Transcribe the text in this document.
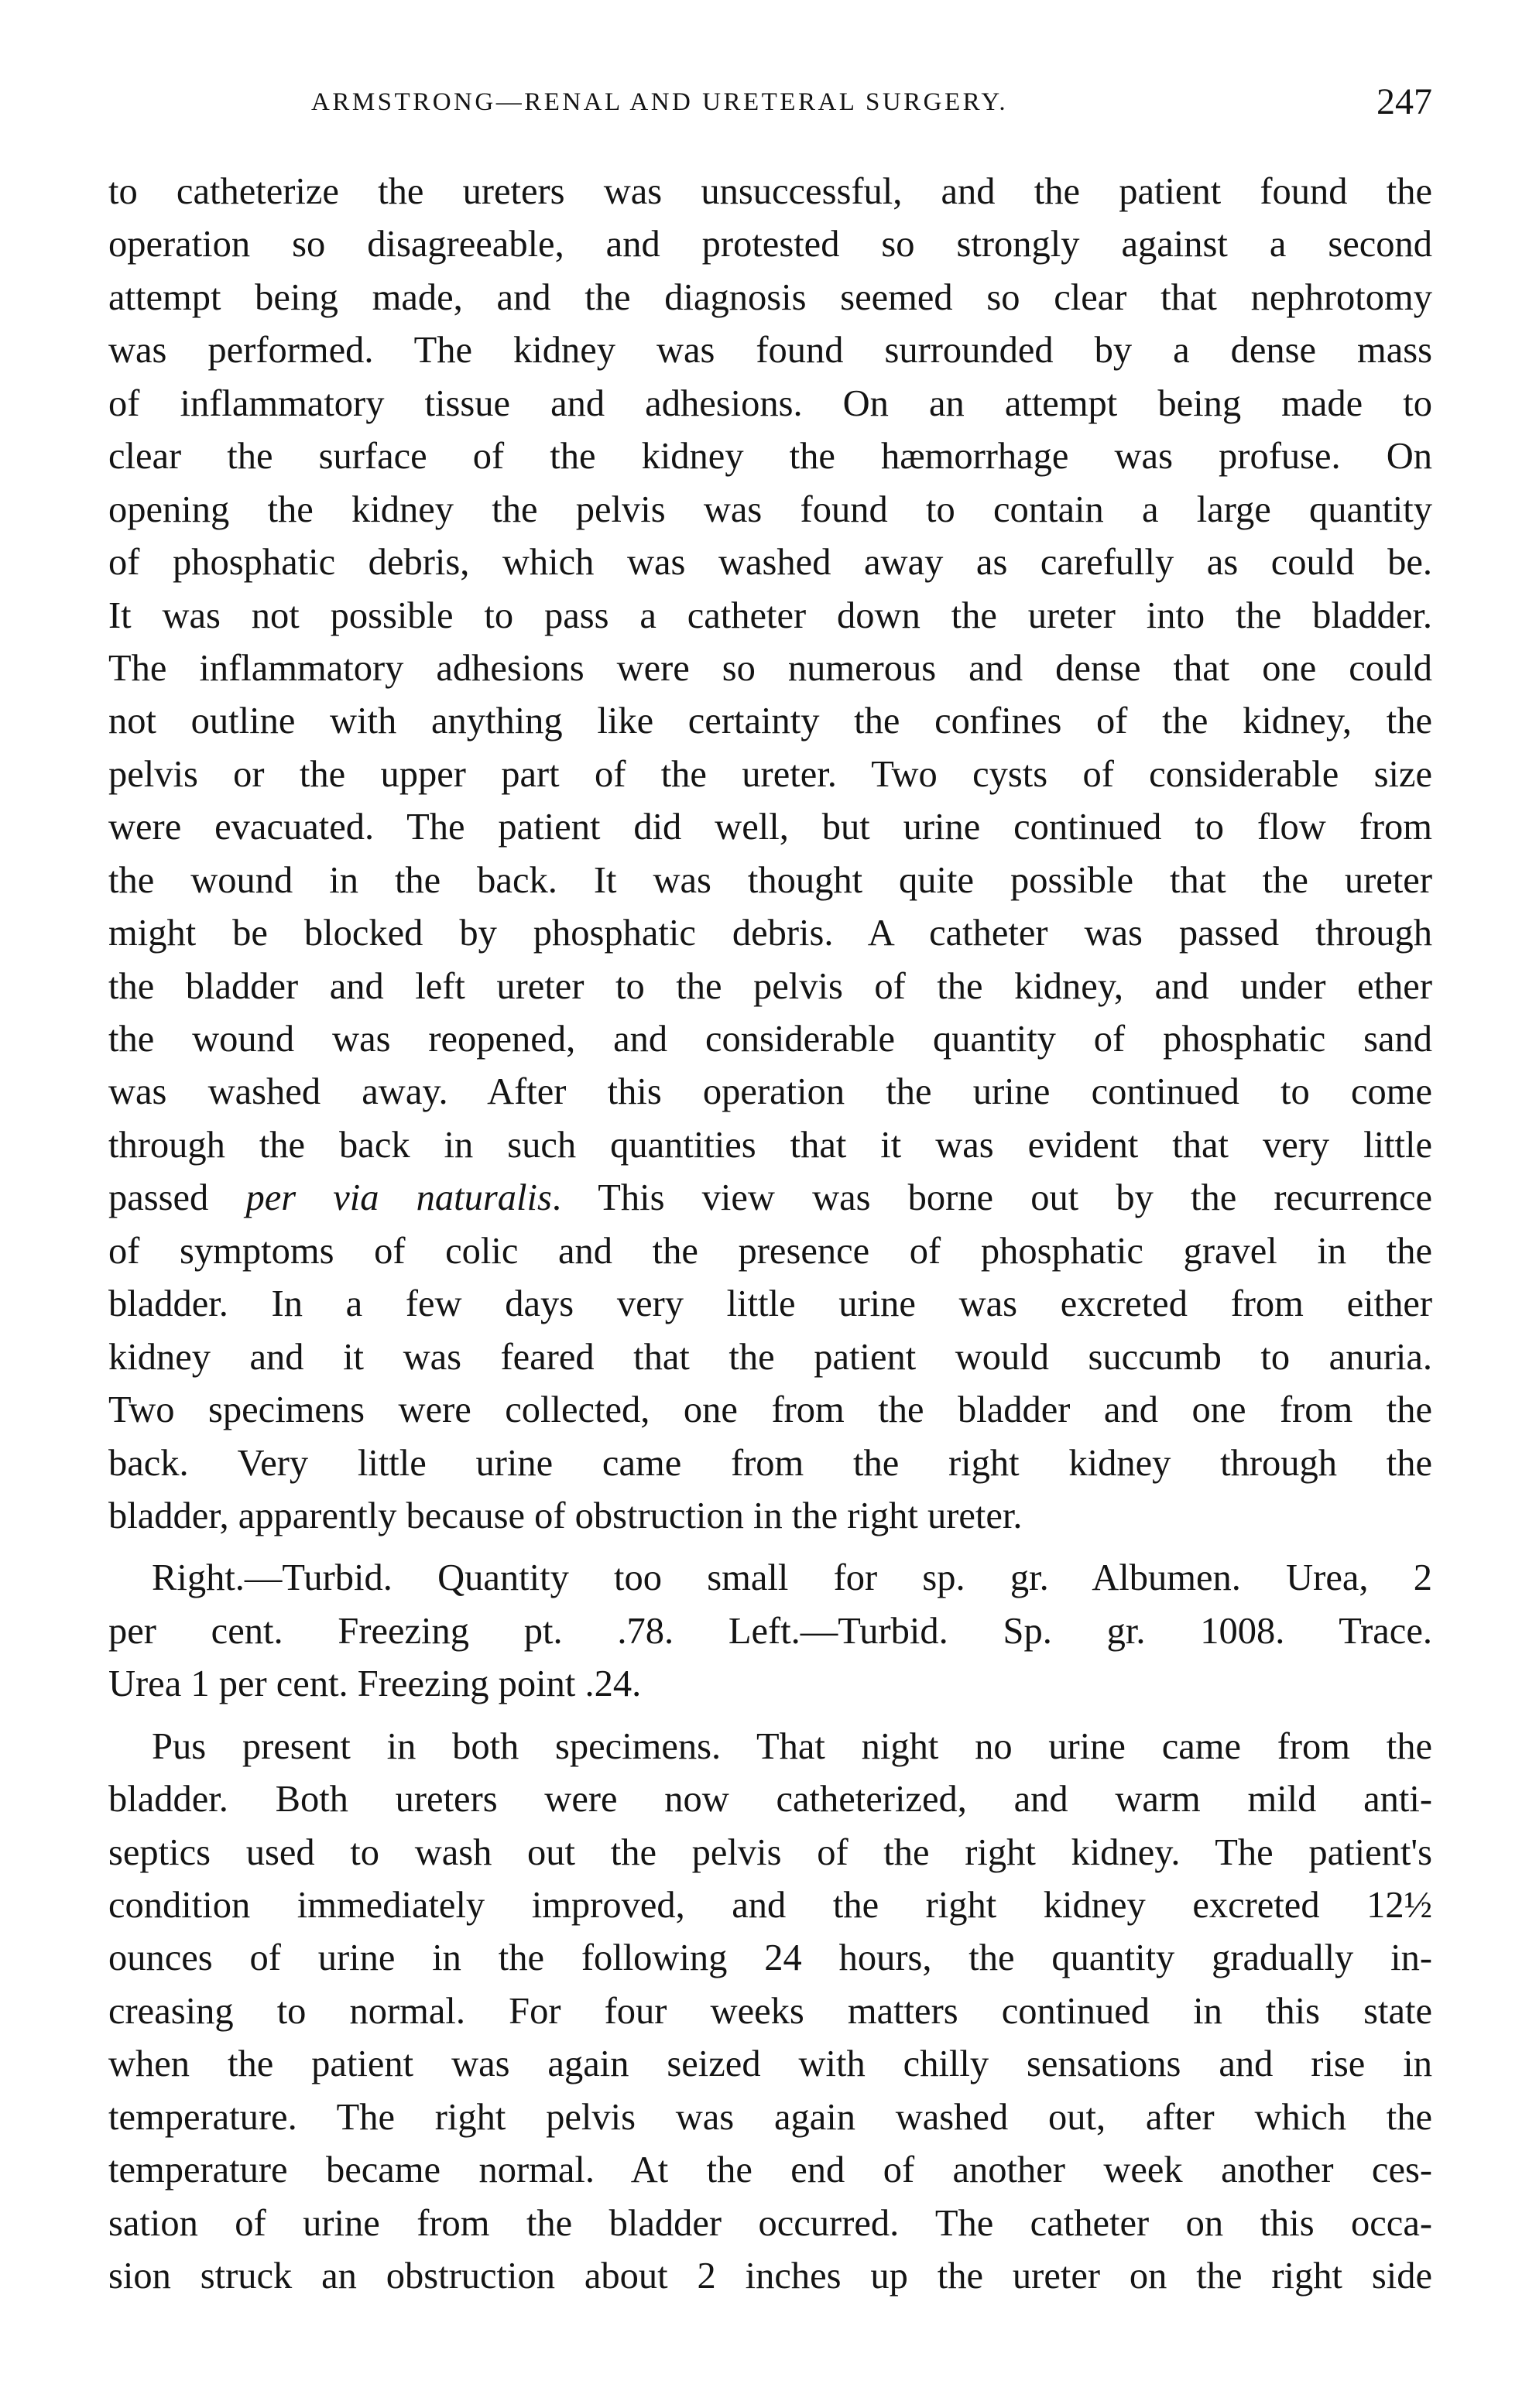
ARMSTRONG—RENAL AND URETERAL SURGERY.	247
to catheterize the ureters was unsuccessful, and the patient found the
operation so disagreeable, and protested so strongly against a second
attempt being made, and the diagnosis seemed so clear that nephrotomy
was performed. The kidney was found surrounded by a dense mass
of inflammatory tissue and adhesions. On an attempt being made to
clear the surface of the kidney the hæmorrhage was profuse. On
opening the kidney the pelvis was found to contain a large quantity
of phosphatic debris, which was washed away as carefully as could be.
It was not possible to pass a catheter down the ureter into the bladder.
The inflammatory adhesions were so numerous and dense that one could
not outline with anything like certainty the confines of the kidney, the
pelvis or the upper part of the ureter. Two cysts of considerable size
were evacuated. The patient did well, but urine continued to flow from
the wound in the back. It was thought quite possible that the ureter
might be blocked by phosphatic debris. A catheter was passed through
the bladder and left ureter to the pelvis of the kidney, and under ether
the wound was reopened, and considerable quantity of phosphatic sand
was washed away. After this operation the urine continued to come
through the back in such quantities that it was evident that very little
passed per via naturalis. This view was borne out by the recurrence
of symptoms of colic and the presence of phosphatic gravel in the
bladder. In a few days very little urine was excreted from either
kidney and it was feared that the patient would succumb to anuria.
Two specimens were collected, one from the bladder and one from the
back. Very little urine came from the right kidney through the
bladder, apparently because of obstruction in the right ureter.
Right.—Turbid. Quantity too small for sp. gr. Albumen. Urea, 2
per cent. Freezing pt. .78. Left.—Turbid. Sp. gr. 1008. Trace.
Urea 1 per cent. Freezing point .24.
Pus present in both specimens. That night no urine came from the
bladder. Both ureters were now catheterized, and warm mild anti-
septics used to wash out the pelvis of the right kidney. The patient's
condition immediately improved, and the right kidney excreted 12½
ounces of urine in the following 24 hours, the quantity gradually in-
creasing to normal. For four weeks matters continued in this state
when the patient was again seized with chilly sensations and rise in
temperature. The right pelvis was again washed out, after which the
temperature became normal. At the end of another week another ces-
sation of urine from the bladder occurred. The catheter on this occa-
sion struck an obstruction about 2 inches up the ureter on the right side
